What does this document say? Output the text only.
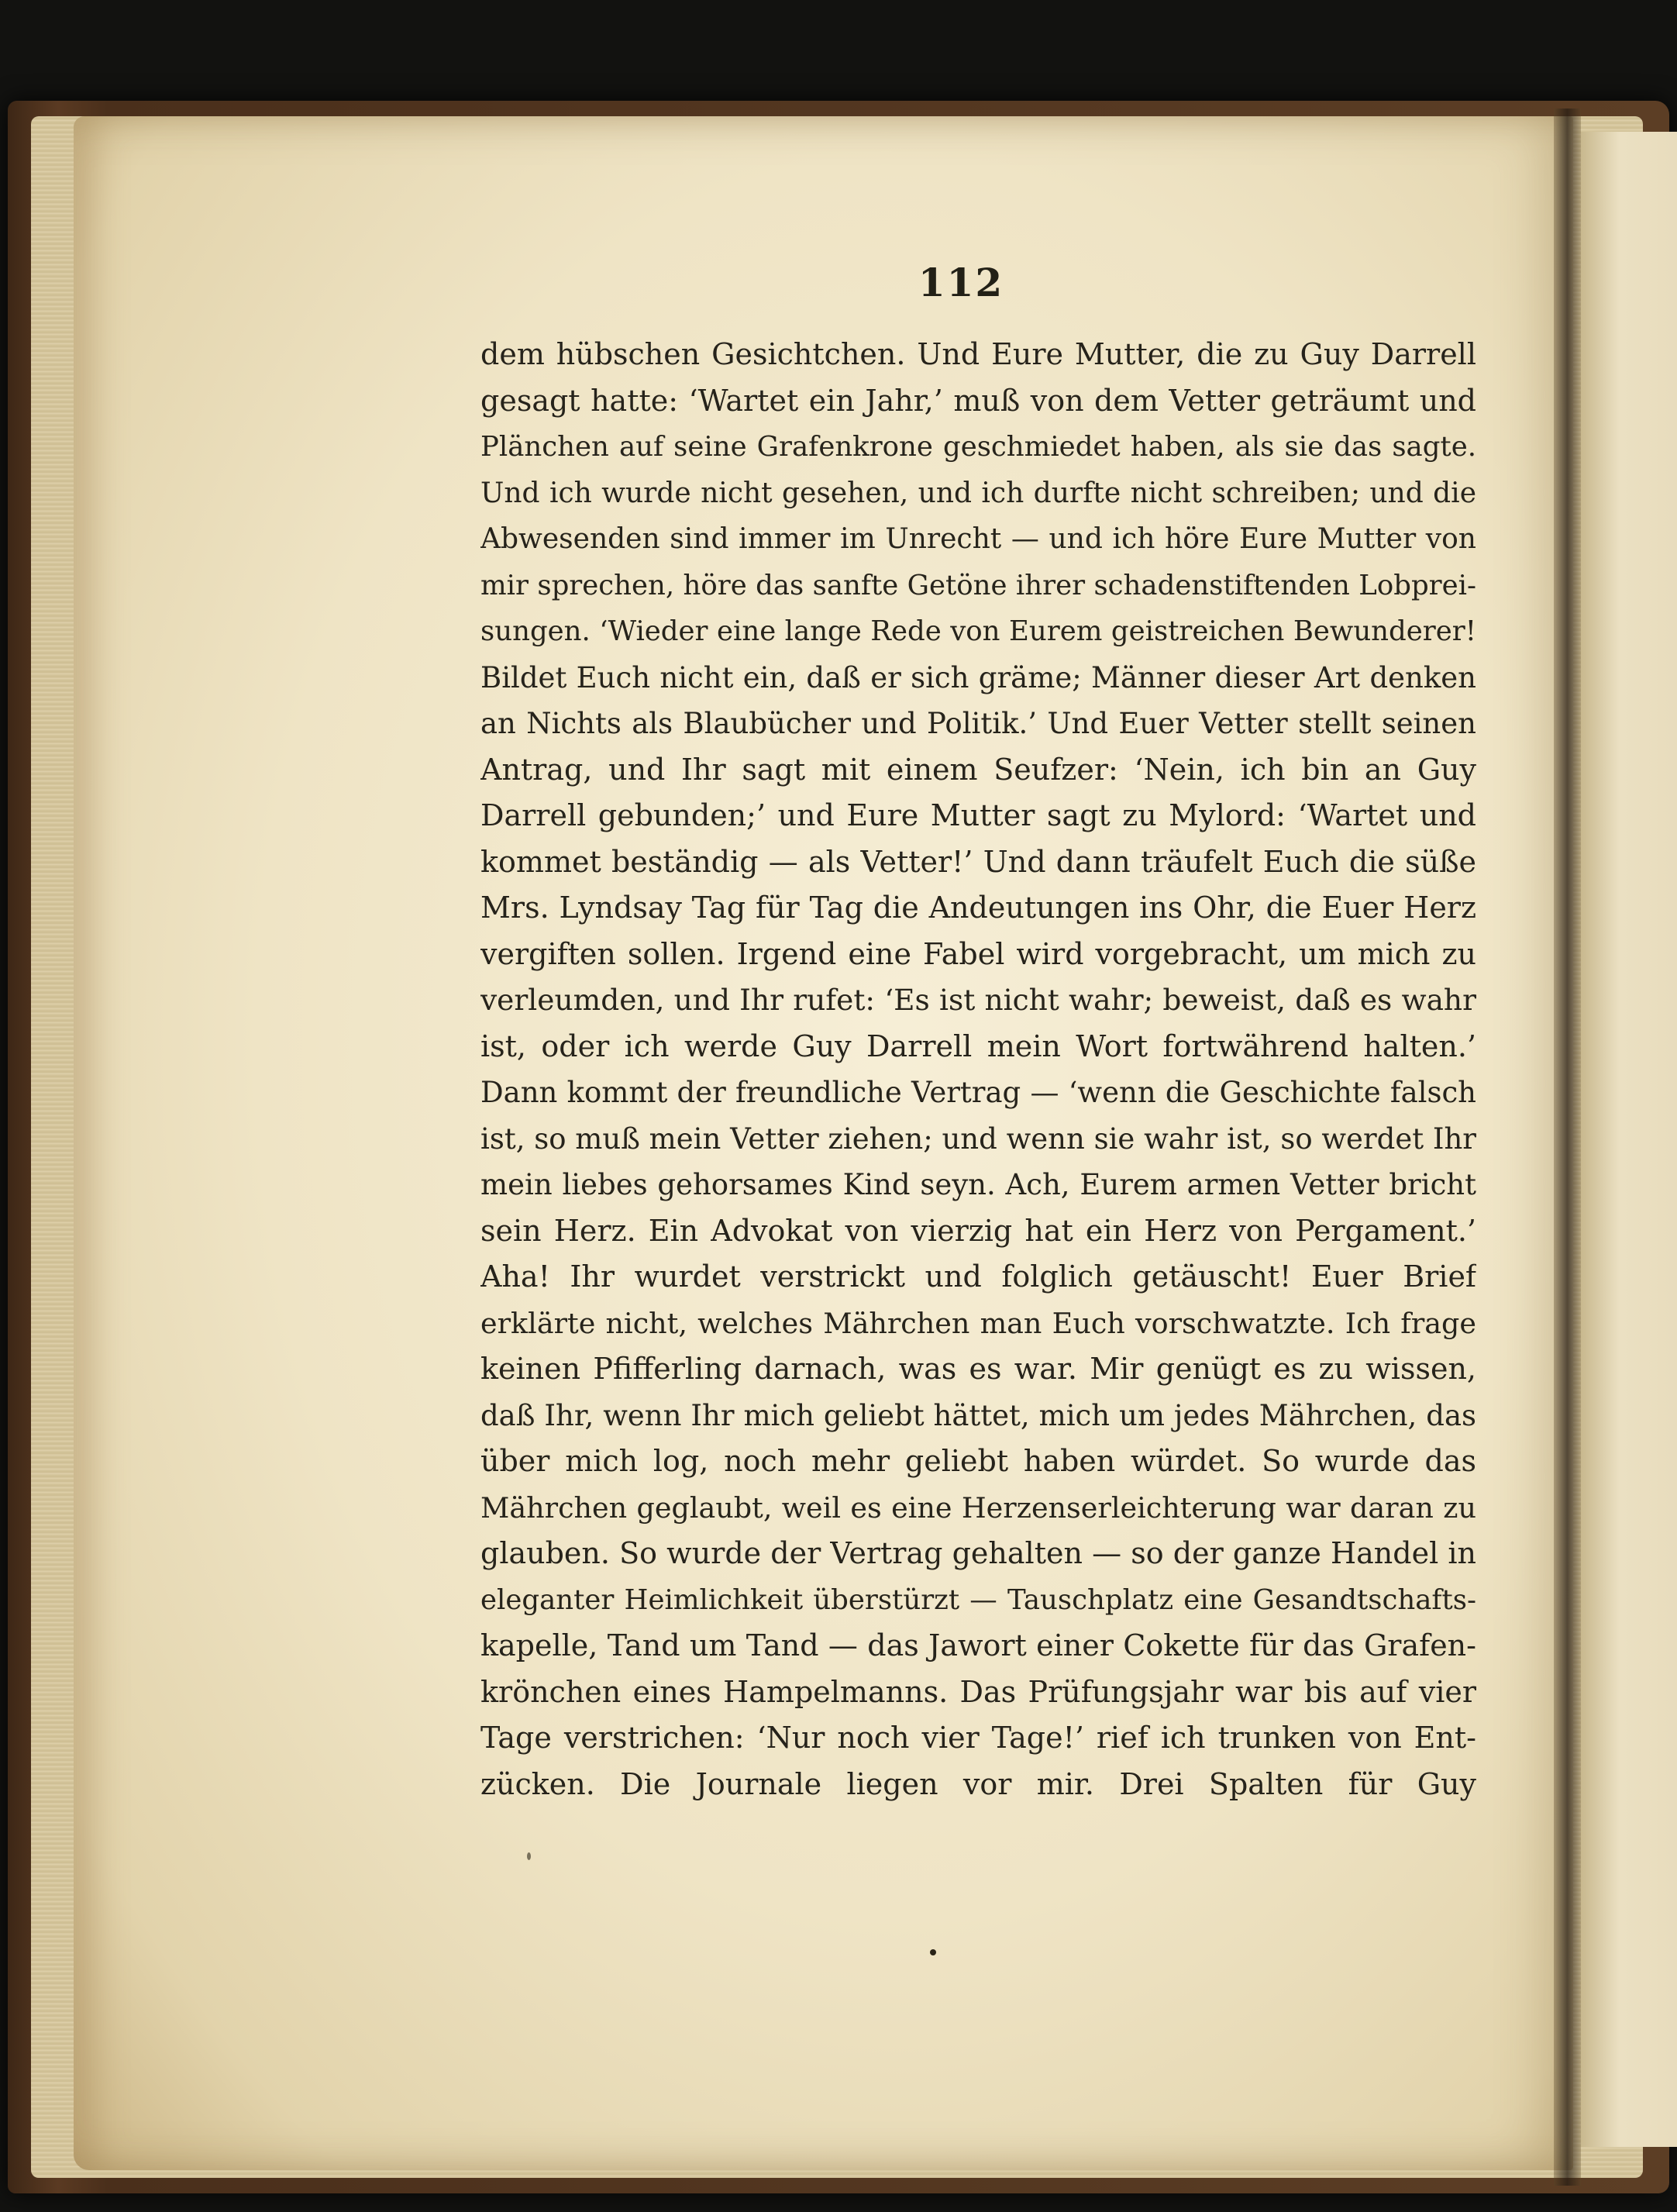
112
dem hübschen Gesichtchen. Und Eure Mutter, die zu Guy Darrell
gesagt hatte: ‘Wartet ein Jahr,’ muß von dem Vetter geträumt und
Plänchen auf seine Grafenkrone geschmiedet haben, als sie das sagte.
Und ich wurde nicht gesehen, und ich durfte nicht schreiben; und die
Abwesenden sind immer im Unrecht — und ich höre Eure Mutter von
mir sprechen, höre das sanfte Getöne ihrer schadenstiftenden Lobprei-
sungen. ‘Wieder eine lange Rede von Eurem geistreichen Bewunderer!
Bildet Euch nicht ein, daß er sich gräme; Männer dieser Art denken
an Nichts als Blaubücher und Politik.’ Und Euer Vetter stellt seinen
Antrag, und Ihr sagt mit einem Seufzer: ‘Nein, ich bin an Guy
Darrell gebunden;’ und Eure Mutter sagt zu Mylord: ‘Wartet und
kommet beständig — als Vetter!’ Und dann träufelt Euch die süße
Mrs. Lyndsay Tag für Tag die Andeutungen ins Ohr, die Euer Herz
vergiften sollen. Irgend eine Fabel wird vorgebracht, um mich zu
verleumden, und Ihr rufet: ‘Es ist nicht wahr; beweist, daß es wahr
ist, oder ich werde Guy Darrell mein Wort fortwährend halten.’
Dann kommt der freundliche Vertrag — ‘wenn die Geschichte falsch
ist, so muß mein Vetter ziehen; und wenn sie wahr ist, so werdet Ihr
mein liebes gehorsames Kind seyn. Ach, Eurem armen Vetter bricht
sein Herz. Ein Advokat von vierzig hat ein Herz von Pergament.’
Aha! Ihr wurdet verstrickt und folglich getäuscht! Euer Brief
erklärte nicht, welches Mährchen man Euch vorschwatzte. Ich frage
keinen Pfifferling darnach, was es war. Mir genügt es zu wissen,
daß Ihr, wenn Ihr mich geliebt hättet, mich um jedes Mährchen, das
über mich log, noch mehr geliebt haben würdet. So wurde das
Mährchen geglaubt, weil es eine Herzenserleichterung war daran zu
glauben. So wurde der Vertrag gehalten — so der ganze Handel in
eleganter Heimlichkeit überstürzt — Tauschplatz eine Gesandtschafts-
kapelle, Tand um Tand — das Jawort einer Cokette für das Grafen-
krönchen eines Hampelmanns. Das Prüfungsjahr war bis auf vier
Tage verstrichen: ‘Nur noch vier Tage!’ rief ich trunken von Ent-
zücken. Die Journale liegen vor mir. Drei Spalten für Guy
